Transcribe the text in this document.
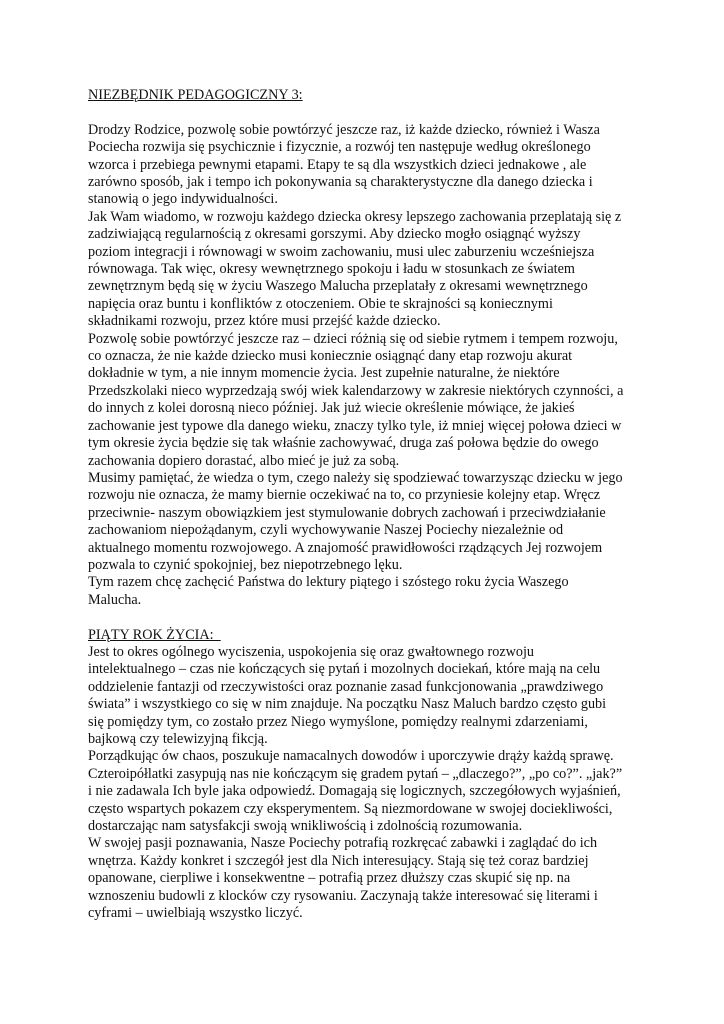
NIEZBĘDNIK PEDAGOGICZNY 3:

Drodzy Rodzice, pozwolę sobie powtórzyć jeszcze raz, iż każde dziecko, również i Wasza

Pociecha rozwija się psychicznie i fizycznie, a rozwój ten następuje według określonego

wzorca i przebiega pewnymi etapami. Etapy te są dla wszystkich dzieci jednakowe , ale

zarówno sposób, jak i tempo ich pokonywania są charakterystyczne dla danego dziecka i

stanowią o jego indywidualności.

Jak Wam wiadomo, w rozwoju każdego dziecka okresy lepszego zachowania przeplatają się z

zadziwiającą regularnością z okresami gorszymi. Aby dziecko mogło osiągnąć wyższy

poziom integracji i równowagi w swoim zachowaniu, musi ulec zaburzeniu wcześniejsza

równowaga. Tak więc, okresy wewnętrznego spokoju i ładu w stosunkach ze światem

zewnętrznym będą się w życiu Waszego Malucha przeplatały z okresami wewnętrznego

napięcia oraz buntu i konfliktów z otoczeniem. Obie te skrajności są koniecznymi

składnikami rozwoju, przez które musi przejść każde dziecko.

Pozwolę sobie powtórzyć jeszcze raz – dzieci różnią się od siebie rytmem i tempem rozwoju,

co oznacza, że nie każde dziecko musi koniecznie osiągnąć dany etap rozwoju akurat

dokładnie w tym, a nie innym momencie życia. Jest zupełnie naturalne, że niektóre

Przedszkolaki nieco wyprzedzają swój wiek kalendarzowy w zakresie niektórych czynności, a

do innych z kolei dorosną nieco później. Jak już wiecie określenie mówiące, że jakieś

zachowanie jest typowe dla danego wieku, znaczy tylko tyle, iż mniej więcej połowa dzieci w

tym okresie życia będzie się tak właśnie zachowywać, druga zaś połowa będzie do owego

zachowania dopiero dorastać, albo mieć je już za sobą.

Musimy pamiętać, że wiedza o tym, czego należy się spodziewać towarzysząc dziecku w jego

rozwoju nie oznacza, że mamy biernie oczekiwać na to, co przyniesie kolejny etap. Wręcz

przeciwnie- naszym obowiązkiem jest stymulowanie dobrych zachowań i przeciwdziałanie

zachowaniom niepożądanym, czyli wychowywanie Naszej Pociechy niezależnie od

aktualnego momentu rozwojowego. A znajomość prawidłowości rządzących Jej rozwojem

pozwala to czynić spokojniej, bez niepotrzebnego lęku.

Tym razem chcę zachęcić Państwa do lektury piątego i szóstego roku życia Waszego

Malucha.

PIĄTY ROK ŻYCIA:

Jest to okres ogólnego wyciszenia, uspokojenia się oraz gwałtownego rozwoju

intelektualnego – czas nie kończących się pytań i mozolnych dociekań, które mają na celu

oddzielenie fantazji od rzeczywistości oraz poznanie zasad funkcjonowania „prawdziwego

świata” i wszystkiego co się w nim znajduje. Na początku Nasz Maluch bardzo często gubi

się pomiędzy tym, co zostało przez Niego wymyślone, pomiędzy realnymi zdarzeniami,

bajkową czy telewizyjną fikcją.

Porządkując ów chaos, poszukuje namacalnych dowodów i uporczywie drąży każdą sprawę.

Czteroipółlatki zasypują nas nie kończącym się gradem pytań – „dlaczego?”, „po co?”. „jak?”

i nie zadawala Ich byle jaka odpowiedź. Domagają się logicznych, szczegółowych wyjaśnień,

często wspartych pokazem czy eksperymentem. Są niezmordowane w swojej dociekliwości,

dostarczając nam satysfakcji swoją wnikliwością i zdolnością rozumowania.

W swojej pasji poznawania, Nasze Pociechy potrafią rozkręcać zabawki i zaglądać do ich

wnętrza. Każdy konkret i szczegół jest dla Nich interesujący. Stają się też coraz bardziej

opanowane, cierpliwe i konsekwentne – potrafią przez dłuższy czas skupić się np. na

wznoszeniu budowli z klocków czy rysowaniu. Zaczynają także interesować się literami i

cyframi – uwielbiają wszystko liczyć.
